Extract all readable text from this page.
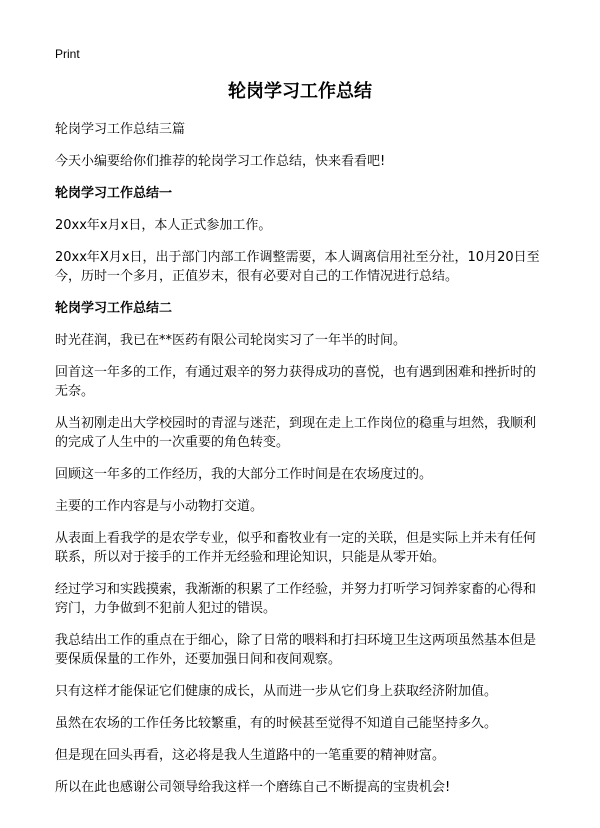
Print
轮岗学习工作总结

轮岗学习工作总结三篇

今天小编要给你们推荐的轮岗学习工作总结，快来看看吧!

轮岗学习工作总结一

20xx年x月x日，本人正式参加工作。

20xx年X月x日，出于部门内部工作调整需要，本人调离信用社至分社，10月20日至今，历时一个多月，正值岁末，很有必要对自己的工作情况进行总结。

轮岗学习工作总结二

时光荏润，我已在**医药有限公司轮岗实习了一年半的时间。

回首这一年多的工作，有通过艰辛的努力获得成功的喜悦，也有遇到困难和挫折时的无奈。

从当初刚走出大学校园时的青涩与迷茫，到现在走上工作岗位的稳重与坦然，我顺利的完成了人生中的一次重要的角色转变。

回顾这一年多的工作经历，我的大部分工作时间是在农场度过的。

主要的工作内容是与小动物打交道。

从表面上看我学的是农学专业，似乎和畜牧业有一定的关联，但是实际上并未有任何联系，所以对于接手的工作并无经验和理论知识，只能是从零开始。

经过学习和实践摸索，我渐渐的积累了工作经验，并努力打听学习饲养家畜的心得和窍门，力争做到不犯前人犯过的错误。

我总结出工作的重点在于细心，除了日常的喂料和打扫环境卫生这两项虽然基本但是要保质保量的工作外，还要加强日间和夜间观察。

只有这样才能保证它们健康的成长，从而进一步从它们身上获取经济附加值。

虽然在农场的工作任务比较繁重，有的时候甚至觉得不知道自己能坚持多久。

但是现在回头再看，这必将是我人生道路中的一笔重要的精神财富。

所以在此也感谢公司领导给我这样一个磨练自己不断提高的宝贵机会!
